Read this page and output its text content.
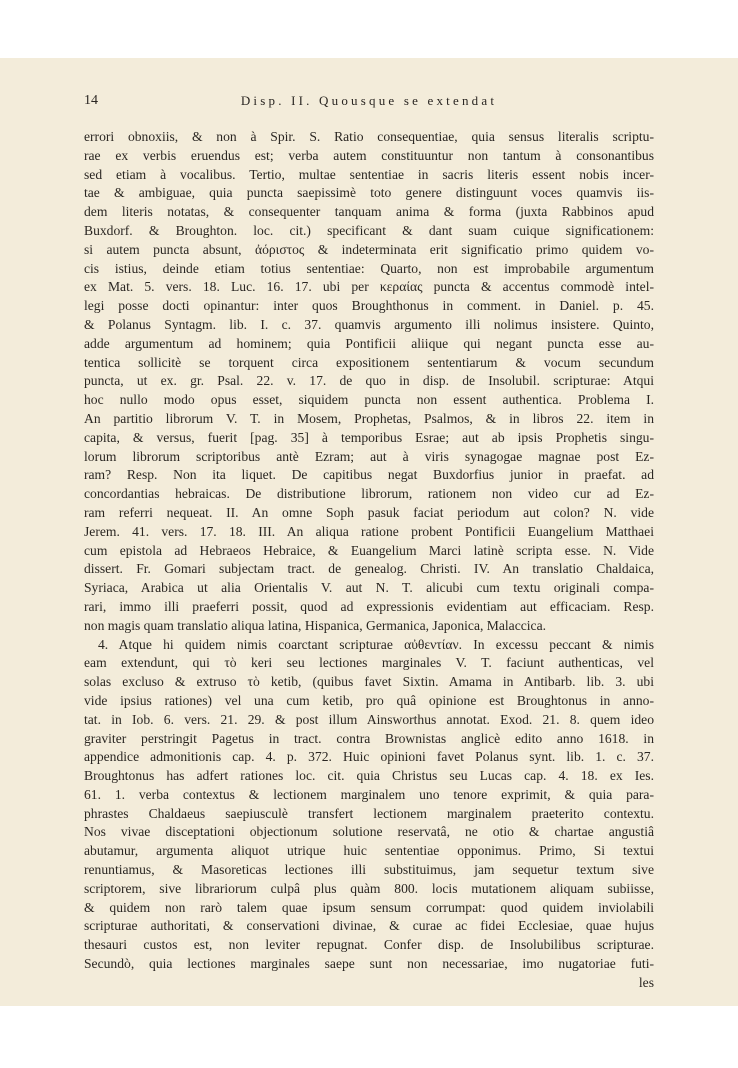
14	Disp. II. Quousque se extendat
errori obnoxiis, & non à Spir. S. Ratio consequentiae, quia sensus literalis scriptu-
rae ex verbis eruendus est; verba autem constituuntur non tantum à consonantibus
sed etiam à vocalibus. Tertio, multae sententiae in sacris literis essent nobis incer-
tae & ambiguae, quia puncta saepissimè toto genere distinguunt voces quamvis iis-
dem literis notatas, & consequenter tanquam anima & forma (juxta Rabbinos apud
Buxdorf. & Broughton. loc. cit.) specificant & dant suam cuique significationem:
si autem puncta absunt, ἀόριστος & indeterminata erit significatio primo quidem vo-
cis istius, deinde etiam totius sententiae: Quarto, non est improbabile argumentum
ex Mat. 5. vers. 18. Luc. 16. 17. ubi per κεραίας puncta & accentus commodè intel-
legi posse docti opinantur: inter quos Broughthonus in comment. in Daniel. p. 45.
& Polanus Syntagm. lib. I. c. 37. quamvis argumento illi nolimus insistere. Quinto,
adde argumentum ad hominem; quia Pontificii aliique qui negant puncta esse au-
tentica sollicitè se torquent circa expositionem sententiarum & vocum secundum
puncta, ut ex. gr. Psal. 22. v. 17. de quo in disp. de Insolubil. scripturae: Atqui
hoc nullo modo opus esset, siquidem puncta non essent authentica. Problema I.
An partitio librorum V. T. in Mosem, Prophetas, Psalmos, & in libros 22. item in
capita, & versus, fuerit [pag. 35] à temporibus Esrae; aut ab ipsis Prophetis singu-
lorum librorum scriptoribus antè Ezram; aut à viris synagogae magnae post Ez-
ram? Resp. Non ita liquet. De capitibus negat Buxdorfius junior in praefat. ad
concordantias hebraicas. De distributione librorum, rationem non video cur ad Ez-
ram referri nequeat. II. An omne Soph pasuk faciat periodum aut colon? N. vide
Jerem. 41. vers. 17. 18. III. An aliqua ratione probent Pontificii Euangelium Matthaei
cum epistola ad Hebraeos Hebraice, & Euangelium Marci latinè scripta esse. N. Vide
dissert. Fr. Gomari subjectam tract. de genealog. Christi. IV. An translatio Chaldaica,
Syriaca, Arabica ut alia Orientalis V. aut N. T. alicubi cum textu originali compa-
rari, immo illi praeferri possit, quod ad expressionis evidentiam aut efficaciam. Resp.
non magis quam translatio aliqua latina, Hispanica, Germanica, Japonica, Malaccica.
4. Atque hi quidem nimis coarctant scripturae αὐθεντίαν. In excessu peccant & nimis
eam extendunt, qui τὸ keri seu lectiones marginales V. T. faciunt authenticas, vel
solas excluso & extruso τὸ ketib, (quibus favet Sixtin. Amama in Antibarb. lib. 3. ubi
vide ipsius rationes) vel una cum ketib, pro quâ opinione est Broughtonus in anno-
tat. in Iob. 6. vers. 21. 29. & post illum Ainsworthus annotat. Exod. 21. 8. quem ideo
graviter perstringit Pagetus in tract. contra Brownistas anglicè edito anno 1618. in
appendice admonitionis cap. 4. p. 372. Huic opinioni favet Polanus synt. lib. 1. c. 37.
Broughtonus has adfert rationes loc. cit. quia Christus seu Lucas cap. 4. 18. ex Ies.
61. 1. verba contextus & lectionem marginalem uno tenore exprimit, & quia para-
phrastes Chaldaeus saepiusculè transfert lectionem marginalem praeterito contextu.
Nos vivae disceptationi objectionum solutione reservatâ, ne otio & chartae angustiâ
abutamur, argumenta aliquot utrique huic sententiae opponimus. Primo, Si textui
renuntiamus, & Masoreticas lectiones illi substituimus, jam sequetur textum sive
scriptorem, sive librariorum culpâ plus quàm 800. locis mutationem aliquam subiisse,
& quidem non rarò talem quae ipsum sensum corrumpat: quod quidem inviolabili
scripturae authoritati, & conservationi divinae, & curae ac fidei Ecclesiae, quae hujus
thesauri custos est, non leviter repugnat. Confer disp. de Insolubilibus scripturae.
Secundò, quia lectiones marginales saepe sunt non necessariae, imo nugatoriae futi-
les
